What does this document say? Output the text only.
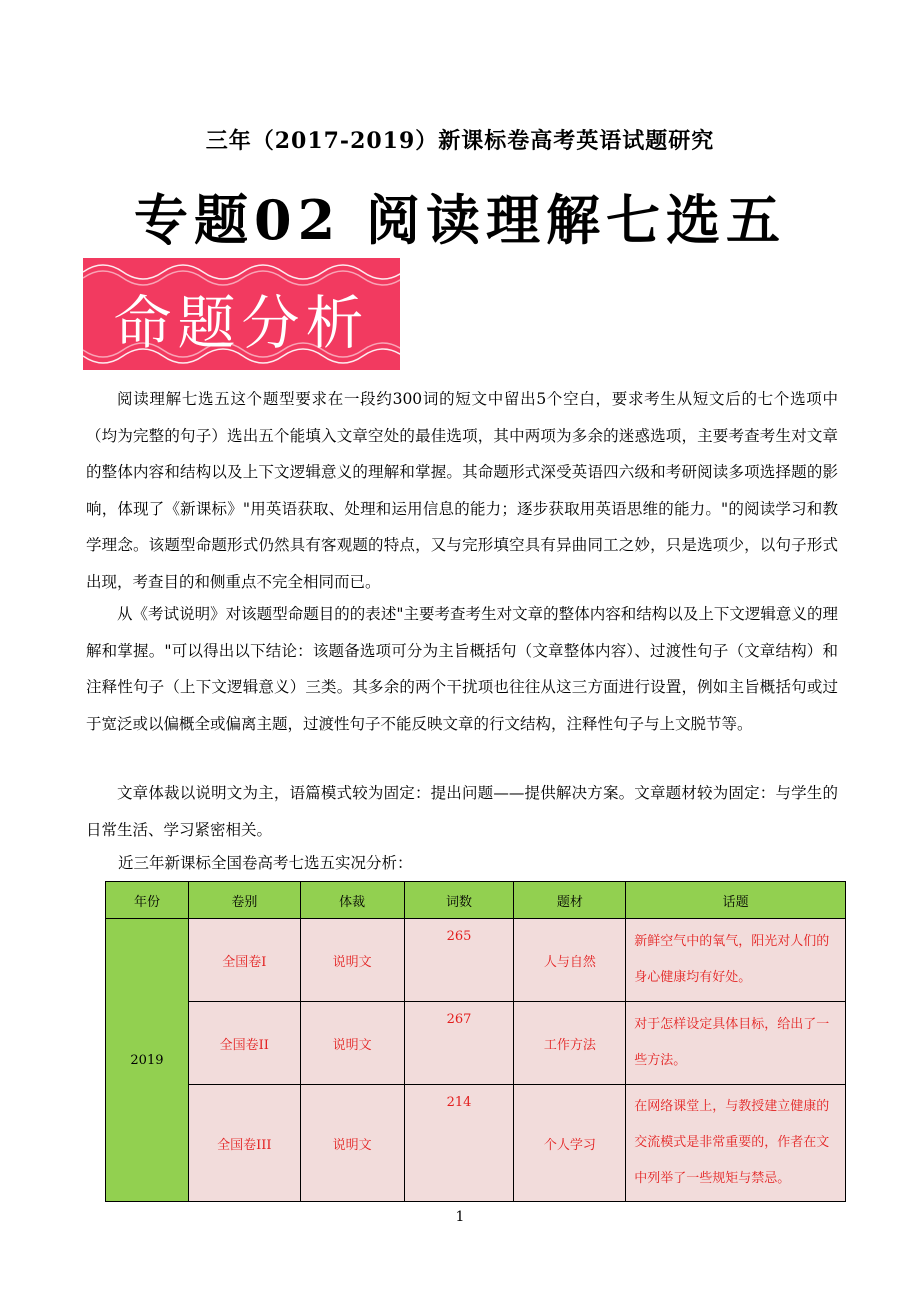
三年（2017-2019）新课标卷高考英语试题研究
专题02 阅读理解七选五
命题分析
阅读理解七选五这个题型要求在一段约300词的短文中留出5个空白，要求考生从短文后的七个选项中（均为完整的句子）选出五个能填入文章空处的最佳选项，其中两项为多余的迷惑选项，主要考查考生对文章的整体内容和结构以及上下文逻辑意义的理解和掌握。其命题形式深受英语四六级和考研阅读多项选择题的影响，体现了《新课标》"用英语获取、处理和运用信息的能力；逐步获取用英语思维的能力。"的阅读学习和教学理念。该题型命题形式仍然具有客观题的特点，又与完形填空具有异曲同工之妙，只是选项少，以句子形式出现，考查目的和侧重点不完全相同而已。
从《考试说明》对该题型命题目的的表述"主要考查考生对文章的整体内容和结构以及上下文逻辑意义的理解和掌握。"可以得出以下结论：该题备选项可分为主旨概括句（文章整体内容）、过渡性句子（文章结构）和注释性句子（上下文逻辑意义）三类。其多余的两个干扰项也往往从这三方面进行设置，例如主旨概括句或过于宽泛或以偏概全或偏离主题，过渡性句子不能反映文章的行文结构，注释性句子与上文脱节等。
文章体裁以说明文为主，语篇模式较为固定：提出问题——提供解决方案。文章题材较为固定：与学生的日常生活、学习紧密相关。
近三年新课标全国卷高考七选五实况分析：
年份	卷别	体裁	词数	题材	话题
2019	全国卷I	说明文	265	人与自然	新鲜空气中的氧气，阳光对人们的身心健康均有好处。
	全国卷II	说明文	267	工作方法	对于怎样设定具体目标，给出了一些方法。
	全国卷III	说明文	214	个人学习	在网络课堂上，与教授建立健康的交流模式是非常重要的，作者在文中列举了一些规矩与禁忌。
1
